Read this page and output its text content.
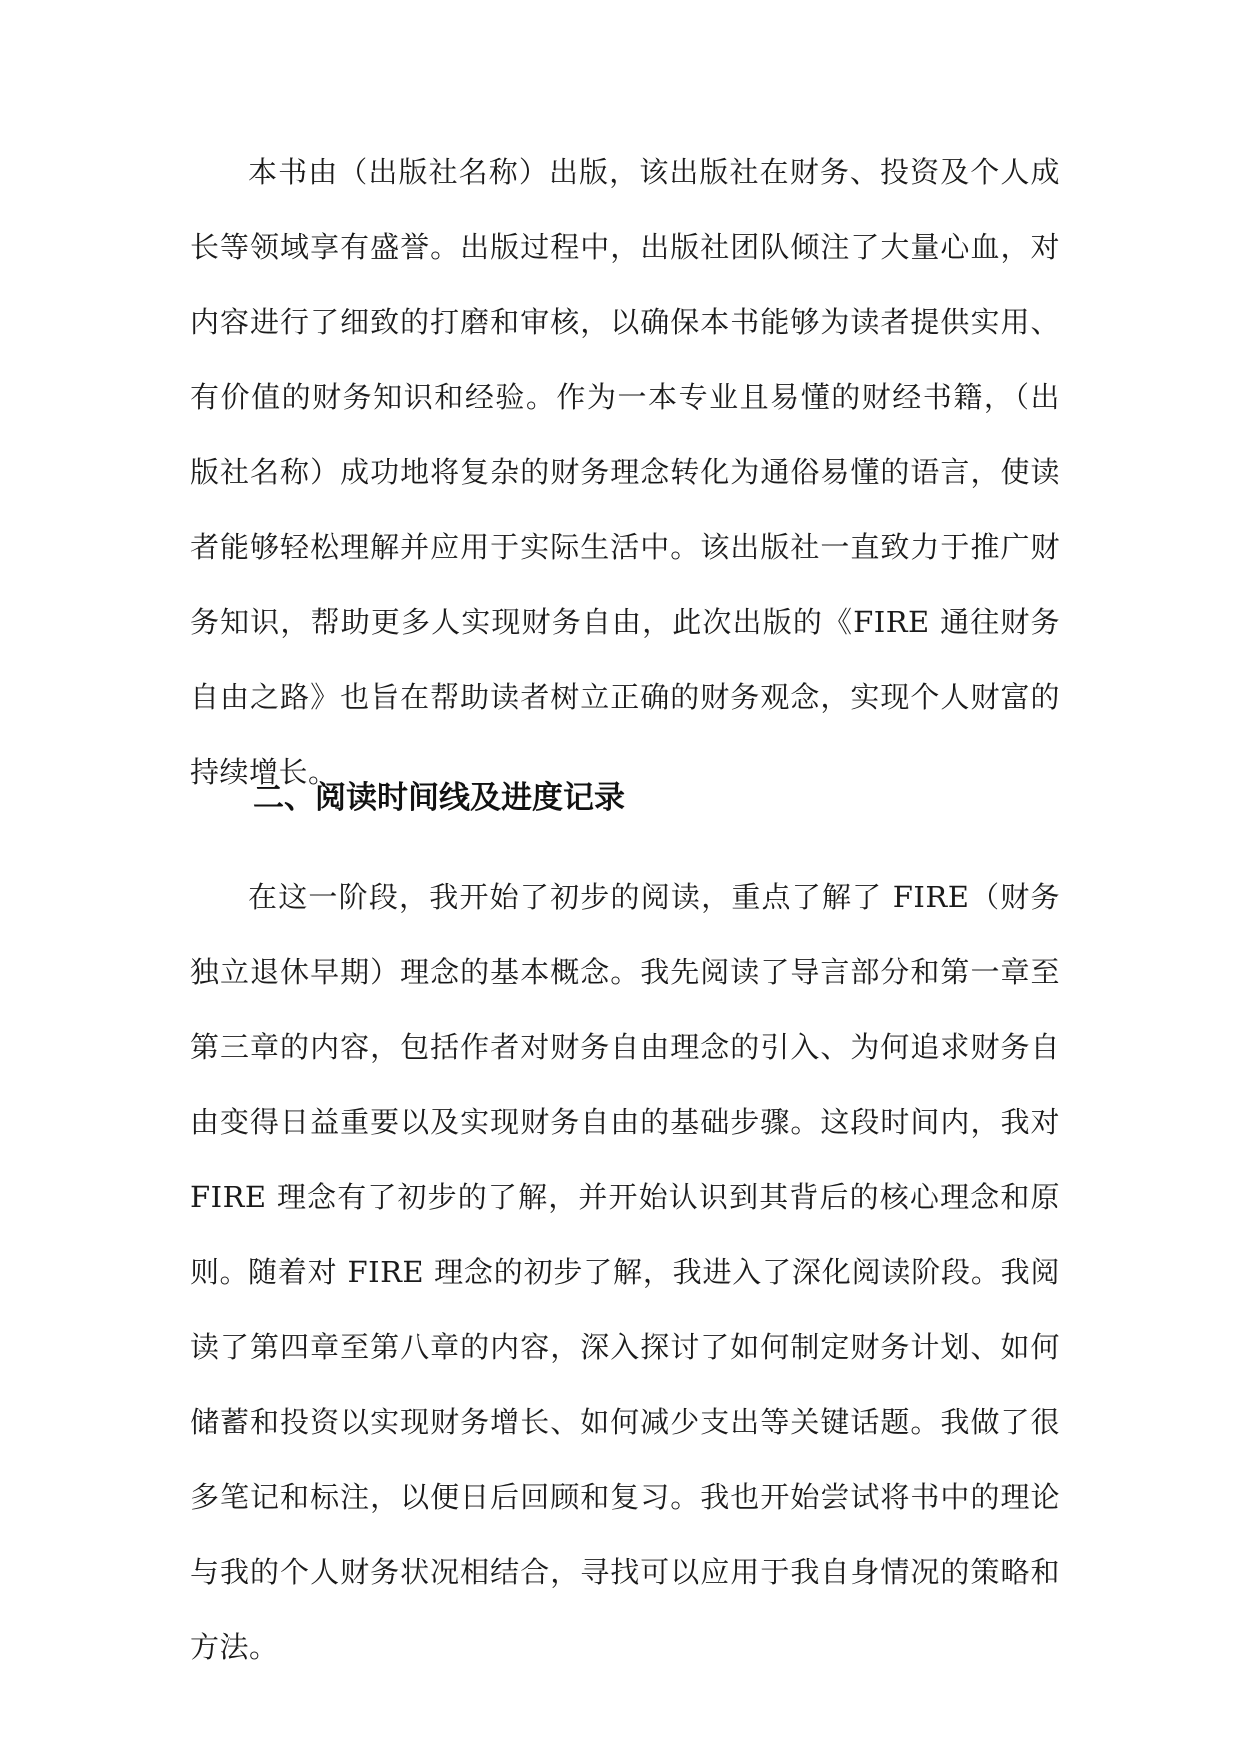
本书由（出版社名称）出版，该出版社在财务、投资及个人成长等领域享有盛誉。出版过程中，出版社团队倾注了大量心血，对内容进行了细致的打磨和审核，以确保本书能够为读者提供实用、有价值的财务知识和经验。作为一本专业且易懂的财经书籍，（出版社名称）成功地将复杂的财务理念转化为通俗易懂的语言，使读者能够轻松理解并应用于实际生活中。该出版社一直致力于推广财务知识，帮助更多人实现财务自由，此次出版的《FIRE 通往财务自由之路》也旨在帮助读者树立正确的财务观念，实现个人财富的持续增长。

二、阅读时间线及进度记录

在这一阶段，我开始了初步的阅读，重点了解了 FIRE（财务独立退休早期）理念的基本概念。我先阅读了导言部分和第一章至第三章的内容，包括作者对财务自由理念的引入、为何追求财务自由变得日益重要以及实现财务自由的基础步骤。这段时间内，我对 FIRE 理念有了初步的了解，并开始认识到其背后的核心理念和原则。

随着对 FIRE 理念的初步了解，我进入了深化阅读阶段。我阅读了第四章至第八章的内容，深入探讨了如何制定财务计划、如何储蓄和投资以实现财务增长、如何减少支出等关键话题。我做了很多笔记和标注，以便日后回顾和复习。我也开始尝试将书中的理论与我的个人财务状况相结合，寻找可以应用于我自身情况的策略和方法。
